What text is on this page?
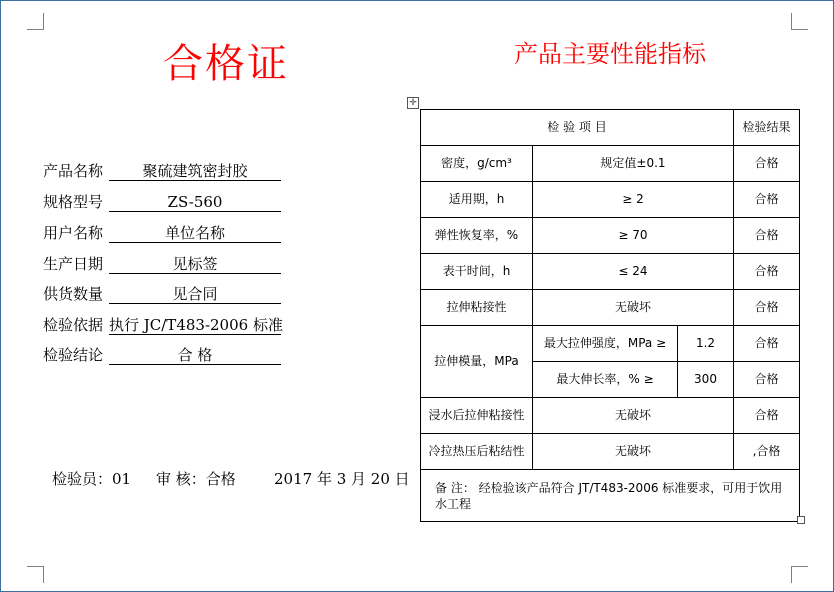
合格证	产品主要性能指标
产品名称	聚硫建筑密封胶
规格型号	ZS-560
用户名称	单位名称
生产日期	见标签
供货数量	见合同
检验依据 执行 JC/T483-2006 标准
检验结论	合 格
检验员：01 审 核：合格	2017 年 3 月 20 日
✛
检 验 项 目			检验结果
密度，g/cm³	规定值±0.1		合格
适用期，h	≥ 2		合格
弹性恢复率，%	≥ 70		合格
表干时间，h	≤ 24		合格
拉伸粘接性	无破坏		合格
拉伸模量，MPa	最大拉伸强度，MPa ≥	1.2	合格
	最大伸长率，% ≥	300	合格
浸水后拉伸粘接性	无破坏		合格
冷拉热压后粘结性	无破坏		,合格
备 注： 经检验该产品符合 JT/T483-2006 标准要求，可用于饮用水工程			
